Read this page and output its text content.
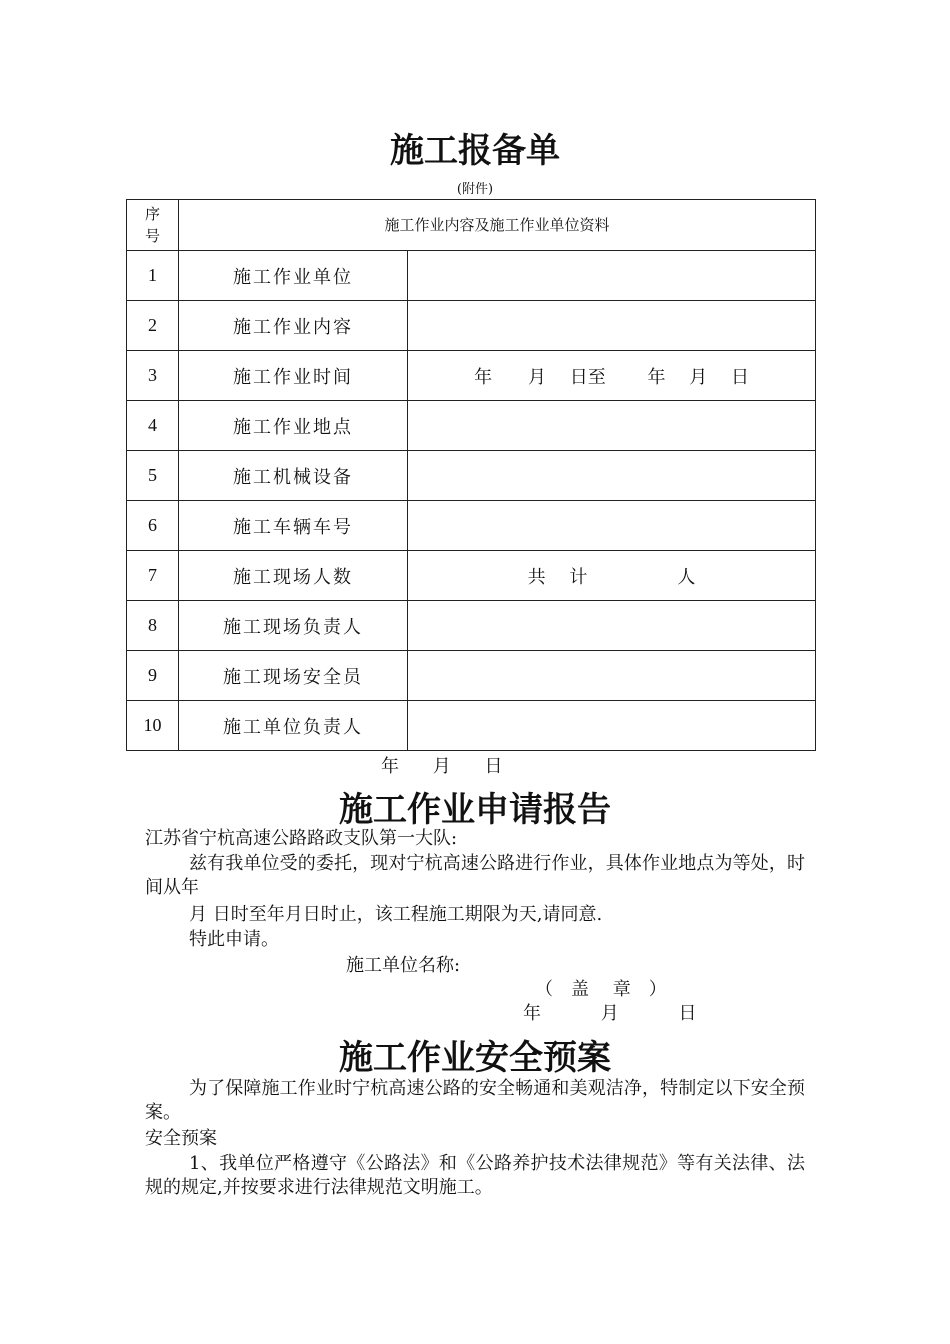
施工报备单
(附件)
序号	施工作业内容及施工作业单位资料	
1	施工作业单位	
2	施工作业内容	
3	施工作业时间	年　　月　 日至　　 年　 月　 日
4	施工作业地点	
5	施工机械设备	
6	施工车辆车号	
7	施工现场人数	共　 计　　　　　人
8	施工现场负责人	
9	施工现场安全员	
10	施工单位负责人	
年 月 日
施工作业申请报告
江苏省宁杭高速公路路政支队第一大队:
兹有我单位受的委托，现对宁杭高速公路进行作业，具体作业地点为等处，时间从年
月 日时至年月日时止，该工程施工期限为天,请同意.
特此申请。
施工单位名称:
（　盖　 章　）
年　　　 月　　　 日
施工作业安全预案
为了保障施工作业时宁杭高速公路的安全畅通和美观洁净，特制定以下安全预案。
安全预案
1、我单位严格遵守《公路法》和《公路养护技术法律规范》等有关法律、法规的规定,并按要求进行法律规范文明施工。
